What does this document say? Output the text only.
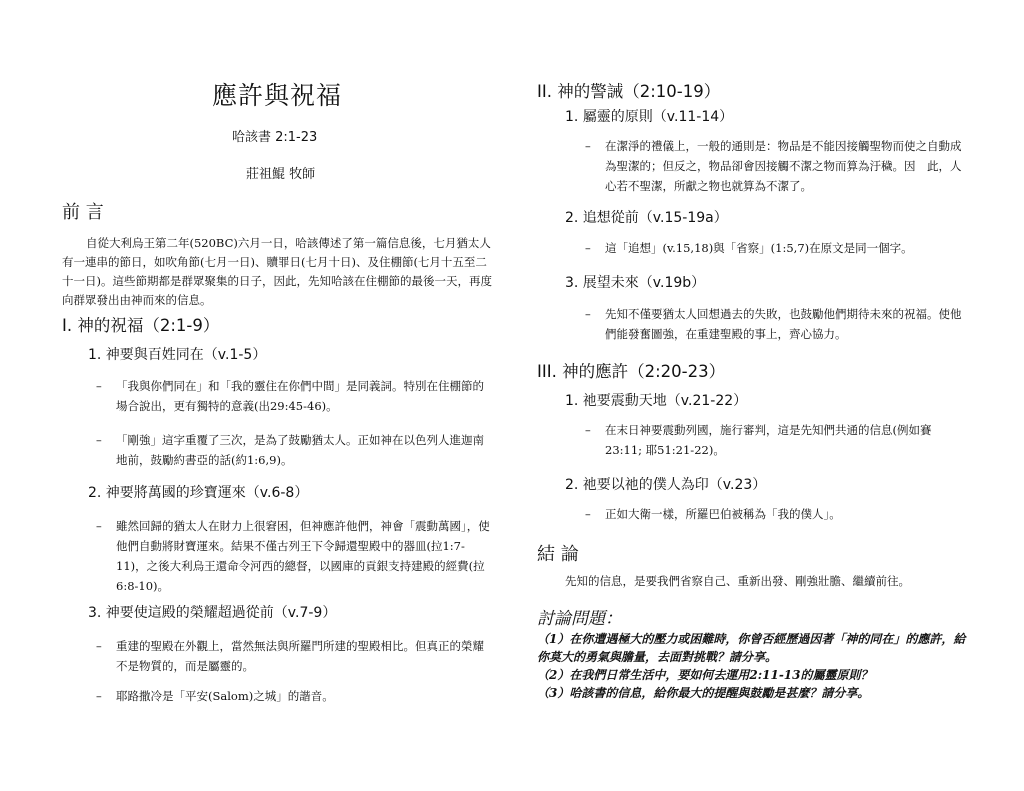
應許與祝福
哈該書 2:1-23
莊祖鯤 牧師
前 言
自從大利烏王第二年(520BC)六月一日，哈該傳述了第一篇信息後，七月猶太人有一連串的節日，如吹角節(七月一日)、贖罪日(七月十日)、及住棚節(七月十五至二十一日)。這些節期都是群眾聚集的日子，因此，先知哈該在住棚節的最後一天，再度向群眾發出由神而來的信息。
I. 神的祝福（2:1-9）
1. 神要與百姓同在（v.1-5）
– 「我與你們同在」和「我的靈住在你們中間」是同義詞。特別在住棚節的場合說出，更有獨特的意義(出29:45-46)。
– 「剛強」這字重覆了三次，是為了鼓勵猶太人。正如神在以色列人進迦南地前，鼓勵約書亞的話(約1:6,9)。
2. 神要將萬國的珍寶運來（v.6-8）
– 雖然回歸的猶太人在財力上很窘困，但神應許他們，神會「震動萬國」，使他們自動將財寶運來。結果不僅古列王下令歸還聖殿中的器皿(拉1:7-11)，之後大利烏王還命令河西的總督，以國庫的貢銀支持建殿的經費(拉6:8-10)。
3. 神要使這殿的榮耀超過從前（v.7-9）
– 重建的聖殿在外觀上，當然無法與所羅門所建的聖殿相比。但真正的榮耀不是物質的，而是屬靈的。
– 耶路撒冷是「平安(Salom)之城」的諧音。
II. 神的警誡（2:10-19）
1. 屬靈的原則（v.11-14）
– 在潔淨的禮儀上，一般的通則是：物品是不能因接觸聖物而使之自動成為聖潔的；但反之，物品卻會因接觸不潔之物而算為汙穢。因　此，人心若不聖潔，所獻之物也就算為不潔了。
2. 追想從前（v.15-19a）
– 這「追想」(v.15,18)與「省察」(1:5,7)在原文是同一個字。
3. 展望未來（v.19b）
– 先知不僅要猶太人回想過去的失敗，也鼓勵他們期待未來的祝福。使他們能發奮圖強，在重建聖殿的事上，齊心協力。
III. 神的應許（2:20-23）
1. 祂要震動天地（v.21-22）
– 在末日神要震動列國，施行審判，這是先知們共通的信息(例如賽23:11; 耶51:21-22)。
2. 祂要以祂的僕人為印（v.23）
– 正如大衛一樣，所羅巴伯被稱為「我的僕人」。
結 論
先知的信息，是要我們省察自己、重新出發、剛強壯膽、繼續前往。
討論問題：
（1）在你遭遇極大的壓力或困難時，你曾否經歷過因著「神的同在」的應許，給你莫大的勇氣與膽量，去面對挑戰？請分享。
（2）在我們日常生活中，要如何去運用2:11-13的屬靈原則？
（3）哈該書的信息，給你最大的提醒與鼓勵是甚麼？請分享。
